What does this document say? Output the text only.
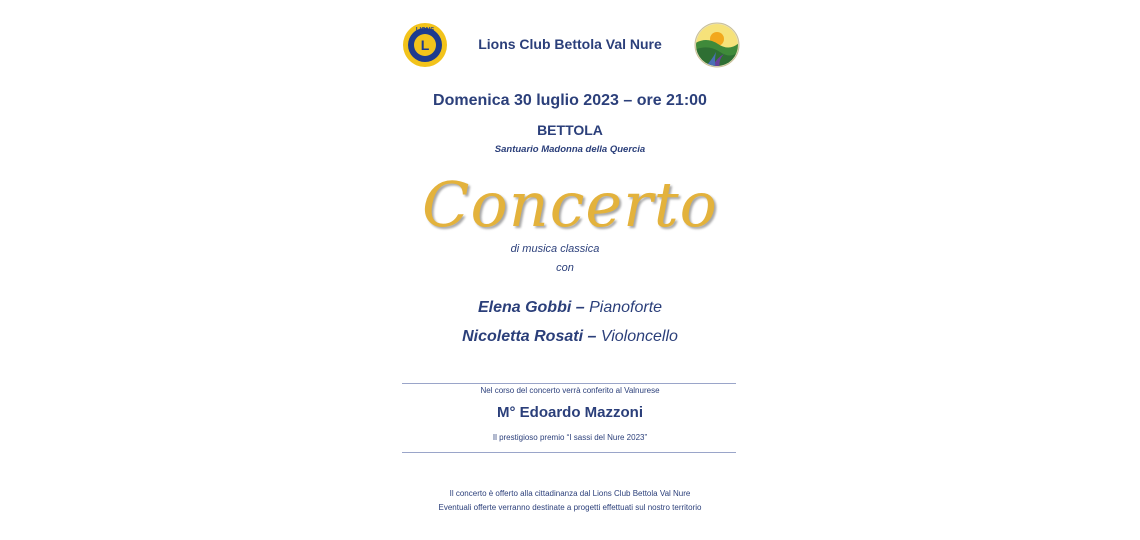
L
LIONS
Lions Club Bettola Val Nure
Domenica 30 luglio 2023 – ore 21:00
BETTOLA
Santuario Madonna della Quercia
Concerto
di musica classica
con
Elena Gobbi – Pianoforte
Nicoletta Rosati – Violoncello
Nel corso del concerto verrà conferito al Valnurese
M° Edoardo Mazzoni
Il prestigioso premio “I sassi del Nure 2023”
Il concerto è offerto alla cittadinanza dal Lions Club Bettola Val Nure
Eventuali offerte verranno destinate a progetti effettuati sul nostro territorio
